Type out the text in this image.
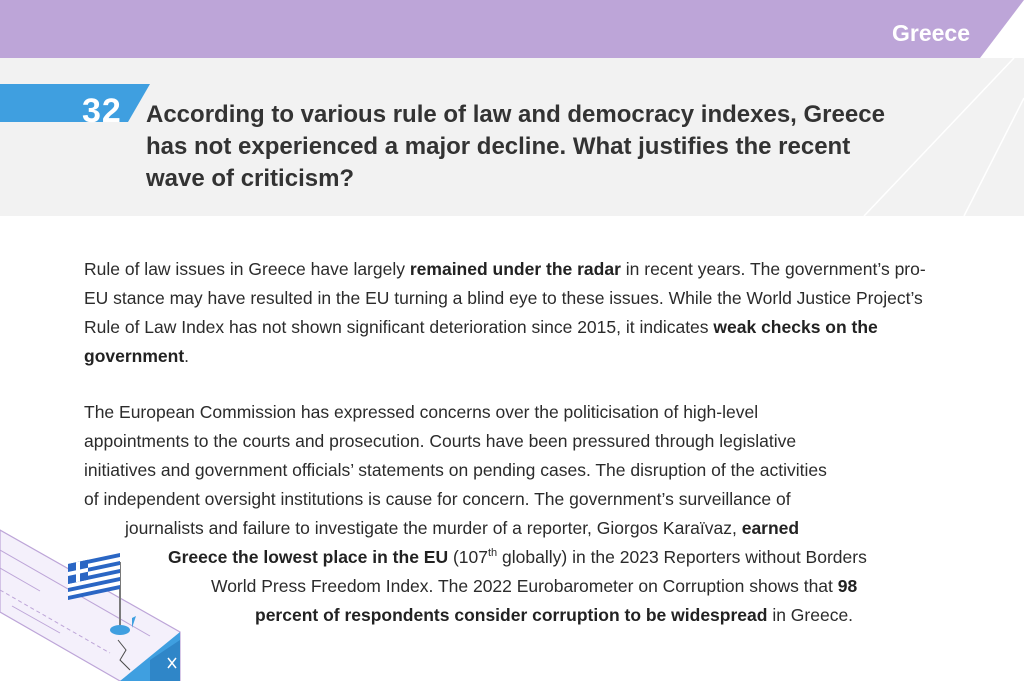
Greece
32 According to various rule of law and democracy indexes, Greece has not experienced a major decline. What justifies the recent wave of criticism?

Rule of law issues in Greece have largely remained under the radar in recent years. The government’s pro-EU stance may have resulted in the EU turning a blind eye to these issues. While the World Justice Project’s Rule of Law Index has not shown significant deterioration since 2015, it indicates weak checks on the government.

The European Commission has expressed concerns over the politicisation of high-level
appointments to the courts and prosecution. Courts have been pressured through legislative
initiatives and government officials’ statements on pending cases. The disruption of the activities
of independent oversight institutions is cause for concern. The government’s surveillance of
journalists and failure to investigate the murder of a reporter, Giorgos Karaïvaz, earned
Greece the lowest place in the EU (107th globally) in the 2023 Reporters without Borders
World Press Freedom Index. The 2022 Eurobarometer on Corruption shows that 98
percent of respondents consider corruption to be widespread in Greece.
